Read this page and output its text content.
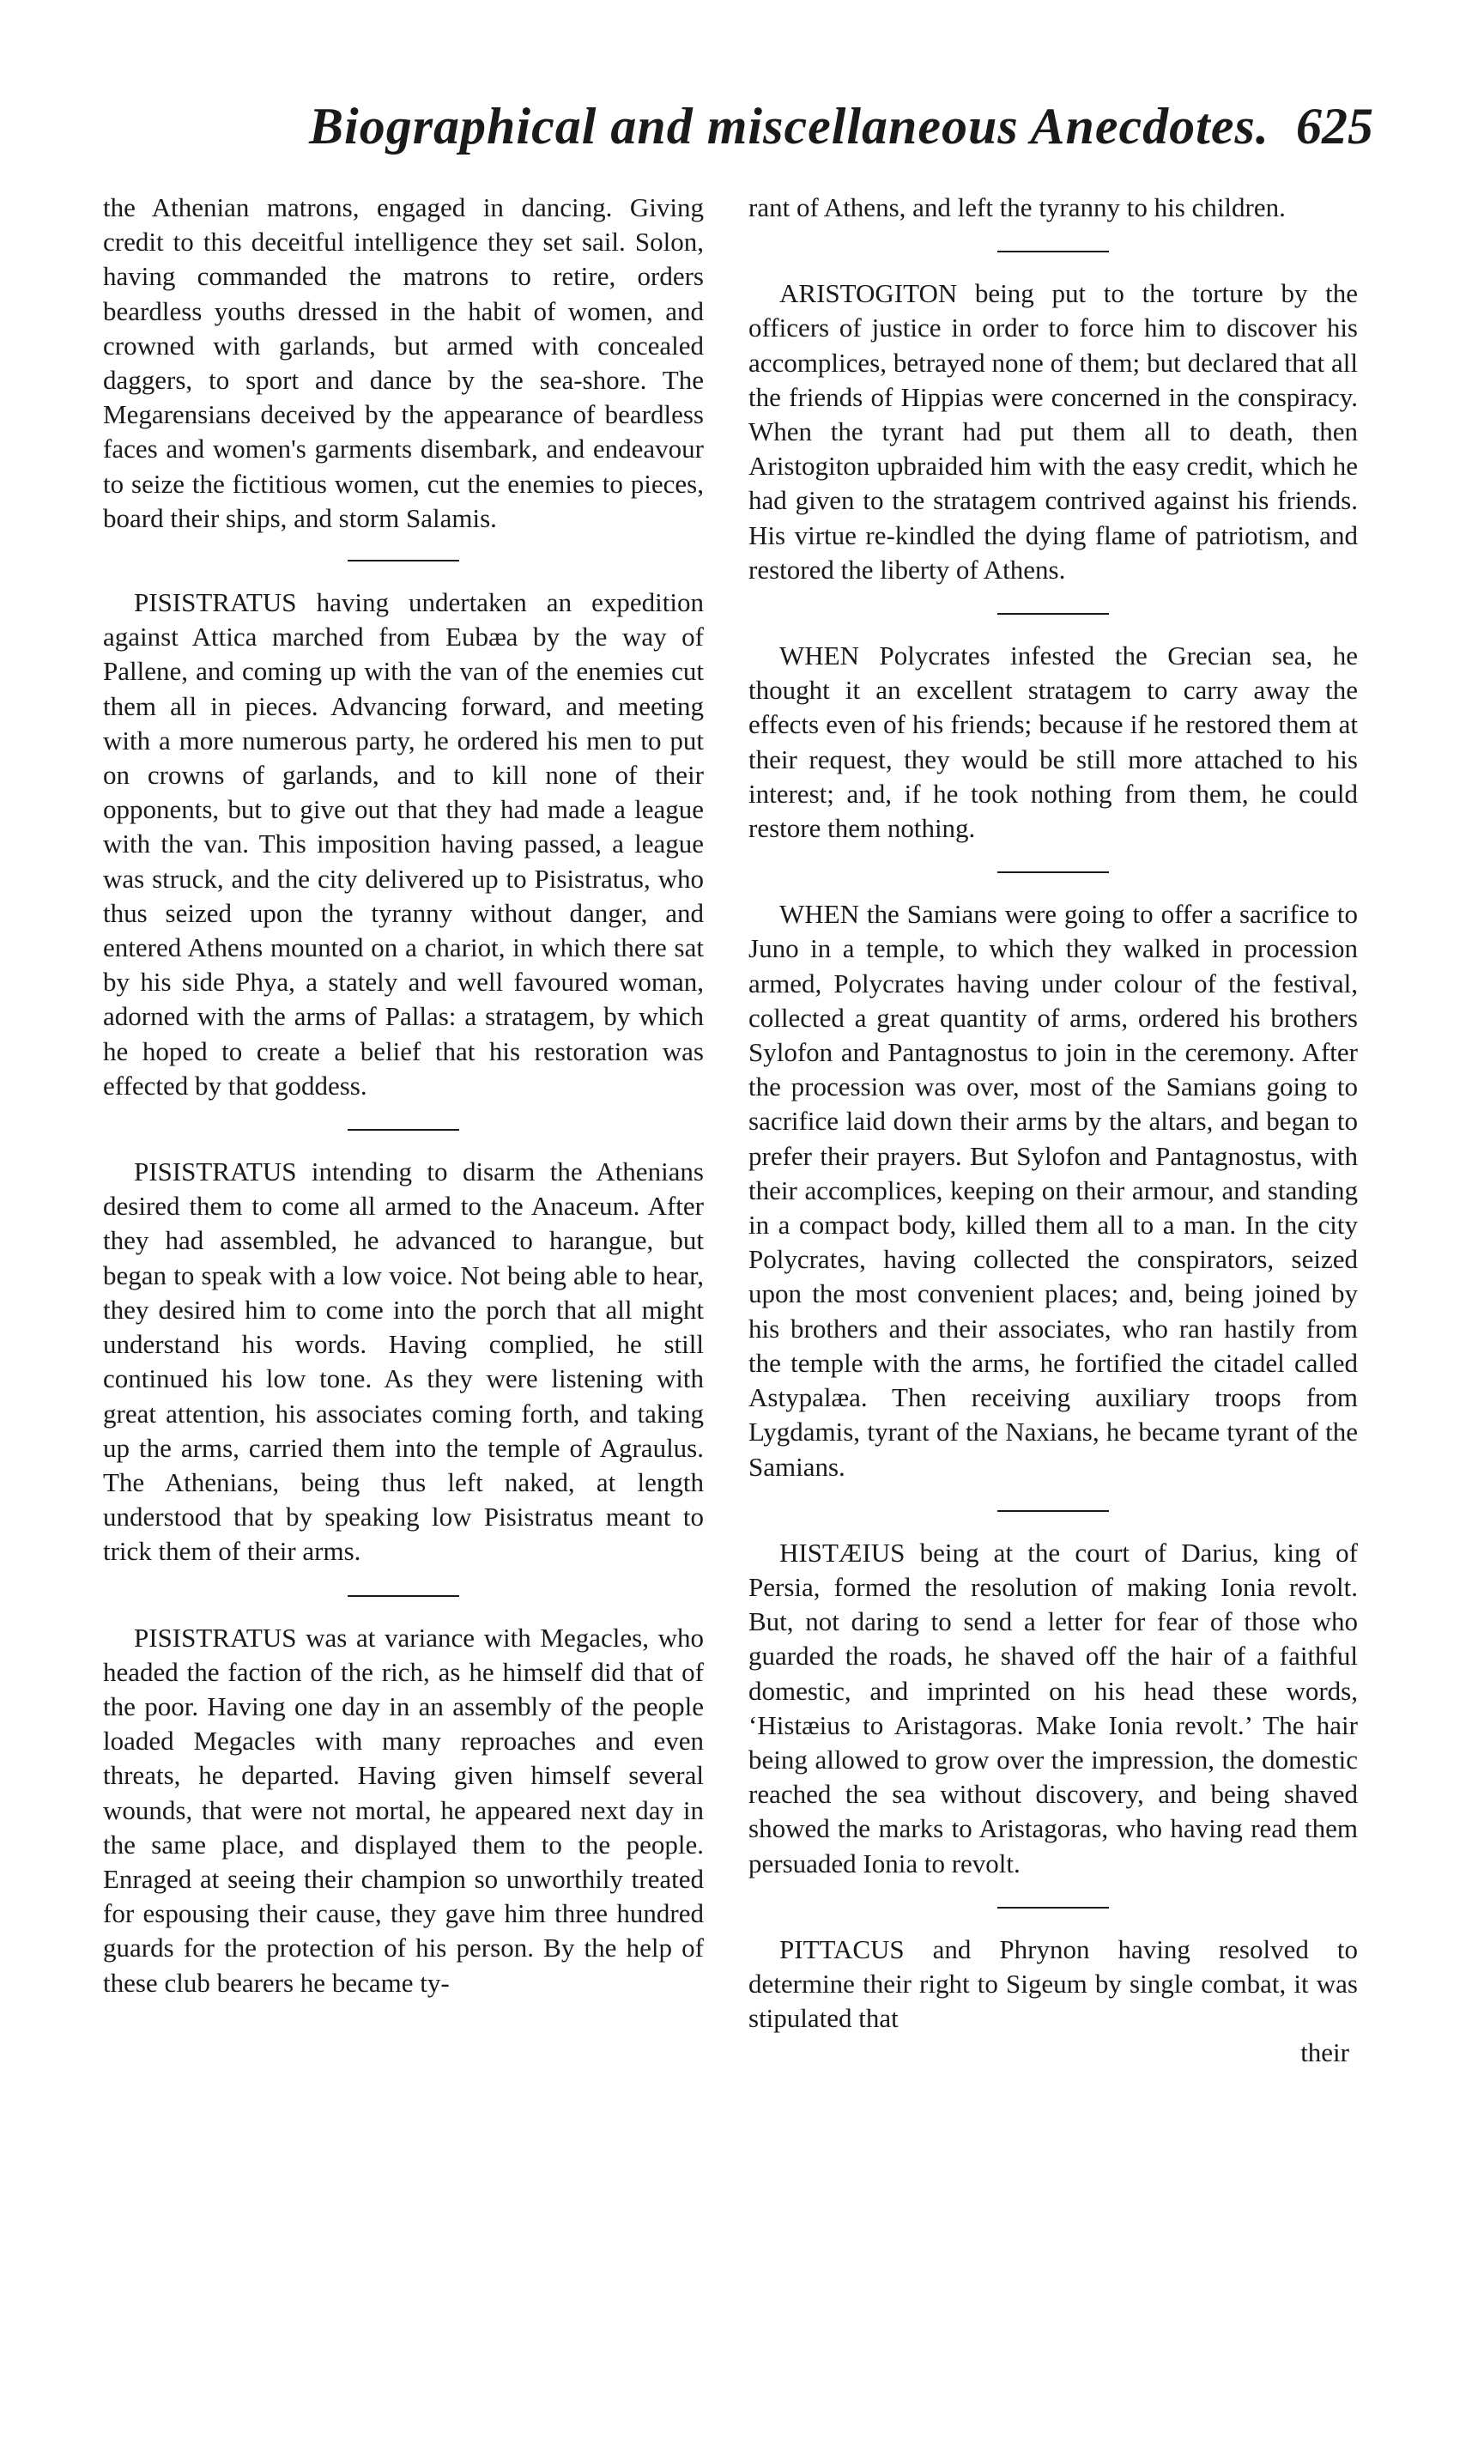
Biographical and miscellaneous Anecdotes. 625

the Athenian matrons, engaged in dancing. Giving credit to this deceitful intelligence they set sail. Solon, having commanded the matrons to retire, orders beardless youths dressed in the habit of women, and crowned with garlands, but armed with concealed daggers, to sport and dance by the sea-shore. The Megarensians deceived by the appearance of beardless faces and women's garments disembark, and endeavour to seize the fictitious women, cut the enemies to pieces, board their ships, and storm Salamis.

PISISTRATUS having undertaken an expedition against Attica marched from Eubæa by the way of Pallene, and coming up with the van of the enemies cut them all in pieces. Advancing forward, and meeting with a more numerous party, he ordered his men to put on crowns of garlands, and to kill none of their opponents, but to give out that they had made a league with the van. This imposition having passed, a league was struck, and the city delivered up to Pisistratus, who thus seized upon the tyranny without danger, and entered Athens mounted on a chariot, in which there sat by his side Phya, a stately and well favoured woman, adorned with the arms of Pallas: a stratagem, by which he hoped to create a belief that his restoration was effected by that goddess.

PISISTRATUS intending to disarm the Athenians desired them to come all armed to the Anaceum. After they had assembled, he advanced to harangue, but began to speak with a low voice. Not being able to hear, they desired him to come into the porch that all might understand his words. Having complied, he still continued his low tone. As they were listening with great attention, his associates coming forth, and taking up the arms, carried them into the temple of Agraulus. The Athenians, being thus left naked, at length understood that by speaking low Pisistratus meant to trick them of their arms.

PISISTRATUS was at variance with Megacles, who headed the faction of the rich, as he himself did that of the poor. Having one day in an assembly of the people loaded Megacles with many reproaches and even threats, he departed. Having given himself several wounds, that were not mortal, he appeared next day in the same place, and displayed them to the people. Enraged at seeing their champion so unworthily treated for espousing their cause, they gave him three hundred guards for the protection of his person. By the help of these club bearers he became ty-

rant of Athens, and left the tyranny to his children.

ARISTOGITON being put to the torture by the officers of justice in order to force him to discover his accomplices, betrayed none of them; but declared that all the friends of Hippias were concerned in the conspiracy. When the tyrant had put them all to death, then Aristogiton upbraided him with the easy credit, which he had given to the stratagem contrived against his friends. His virtue re-kindled the dying flame of patriotism, and restored the liberty of Athens.

WHEN Polycrates infested the Grecian sea, he thought it an excellent stratagem to carry away the effects even of his friends; because if he restored them at their request, they would be still more attached to his interest; and, if he took nothing from them, he could restore them nothing.

WHEN the Samians were going to offer a sacrifice to Juno in a temple, to which they walked in procession armed, Polycrates having under colour of the festival, collected a great quantity of arms, ordered his brothers Sylofon and Pantagnostus to join in the ceremony. After the procession was over, most of the Samians going to sacrifice laid down their arms by the altars, and began to prefer their prayers. But Sylofon and Pantagnostus, with their accomplices, keeping on their armour, and standing in a compact body, killed them all to a man. In the city Polycrates, having collected the conspirators, seized upon the most convenient places; and, being joined by his brothers and their associates, who ran hastily from the temple with the arms, he fortified the citadel called Astypalæa. Then receiving auxiliary troops from Lygdamis, tyrant of the Naxians, he became tyrant of the Samians.

HISTÆIUS being at the court of Darius, king of Persia, formed the resolution of making Ionia revolt. But, not daring to send a letter for fear of those who guarded the roads, he shaved off the hair of a faithful domestic, and imprinted on his head these words, ‘Histæius to Aristagoras. Make Ionia revolt.’ The hair being allowed to grow over the impression, the domestic reached the sea without discovery, and being shaved showed the marks to Aristagoras, who having read them persuaded Ionia to revolt.

PITTACUS and Phrynon having resolved to determine their right to Sigeum by single combat, it was stipulated that

their
